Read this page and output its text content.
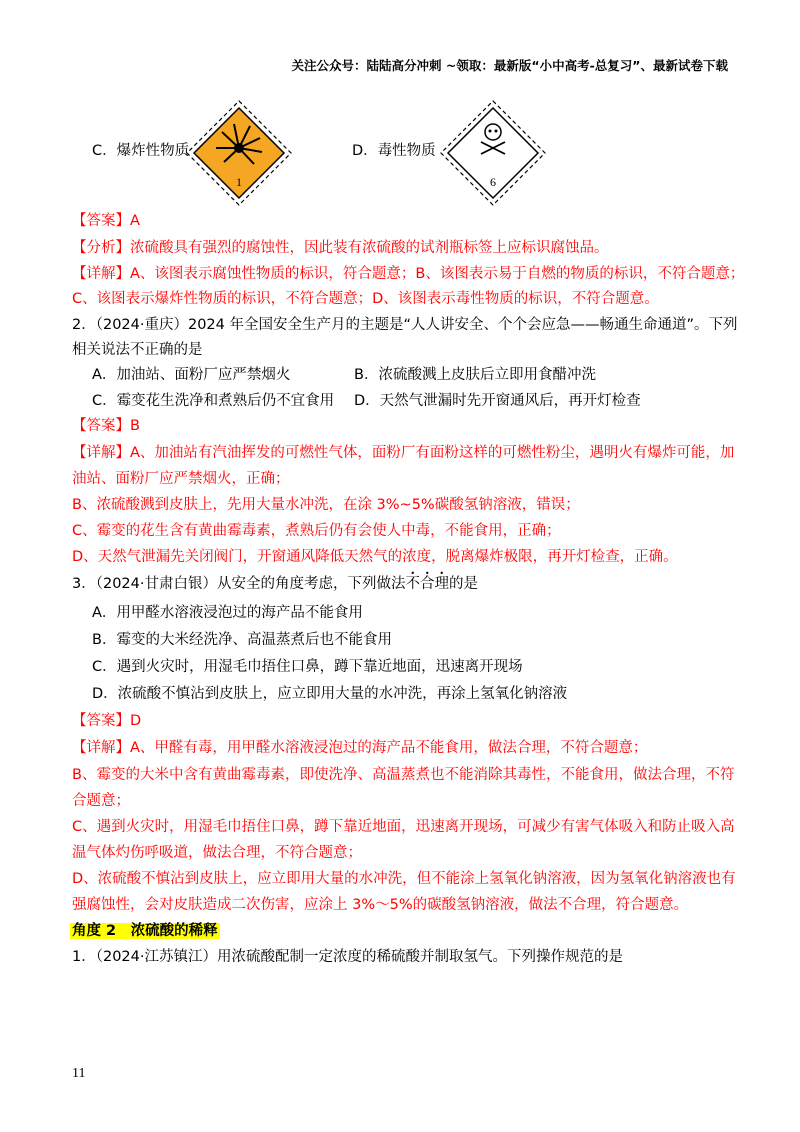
关注公众号：陆陆高分冲刺 ~领取：最新版“小中高考-总复习”、最新试卷下载
C．爆炸性物质
1
D．毒性物质
6
【答案】A
【分析】浓硫酸具有强烈的腐蚀性，因此装有浓硫酸的试剂瓶标签上应标识腐蚀品。
【详解】A、该图表示腐蚀性物质的标识，符合题意；B、该图表示易于自燃的物质的标识，不符合题意；
C、该图表示爆炸性物质的标识，不符合题意；D、该图表示毒性物质的标识，不符合题意。
2．（2024·重庆）2024 年全国安全生产月的主题是“人人讲安全、个个会应急——畅通生命通道”。下列
相关说法不正确的是
A．加油站、面粉厂应严禁烟火	B．浓硫酸溅上皮肤后立即用食醋冲洗
C．霉变花生洗净和煮熟后仍不宜食用 D．天然气泄漏时先开窗通风后，再开灯检查
【答案】B
【详解】A、加油站有汽油挥发的可燃性气体，面粉厂有面粉这样的可燃性粉尘，遇明火有爆炸可能，加
油站、面粉厂应严禁烟火，正确；
B、浓硫酸溅到皮肤上，先用大量水冲洗，在涂 3%~5%碳酸氢钠溶液，错误；
C、霉变的花生含有黄曲霉毒素，煮熟后仍有会使人中毒，不能食用，正确；
D、天然气泄漏先关闭阀门，开窗通风降低天然气的浓度，脱离爆炸极限，再开灯检查，正确。
3．（2024·甘肃白银）从安全的角度考虑，下列做法不合理的是
A．用甲醛水溶液浸泡过的海产品不能食用
B．霉变的大米经洗净、高温蒸煮后也不能食用
C．遇到火灾时，用湿毛巾捂住口鼻，蹲下靠近地面，迅速离开现场
D．浓硫酸不慎沾到皮肤上，应立即用大量的水冲洗，再涂上氢氧化钠溶液
【答案】D
【详解】A、甲醛有毒，用甲醛水溶液浸泡过的海产品不能食用，做法合理，不符合题意；
B、霉变的大米中含有黄曲霉毒素，即使洗净、高温蒸煮也不能消除其毒性，不能食用，做法合理，不符
合题意；
C、遇到火灾时，用湿毛巾捂住口鼻，蹲下靠近地面，迅速离开现场，可减少有害气体吸入和防止吸入高
温气体灼伤呼吸道，做法合理，不符合题意；
D、浓硫酸不慎沾到皮肤上，应立即用大量的水冲洗，但不能涂上氢氧化钠溶液，因为氢氧化钠溶液也有
强腐蚀性，会对皮肤造成二次伤害，应涂上 3%～5%的碳酸氢钠溶液，做法不合理，符合题意。
角度 2　浓硫酸的稀释
1．（2024·江苏镇江）用浓硫酸配制一定浓度的稀硫酸并制取氢气。下列操作规范的是
11
